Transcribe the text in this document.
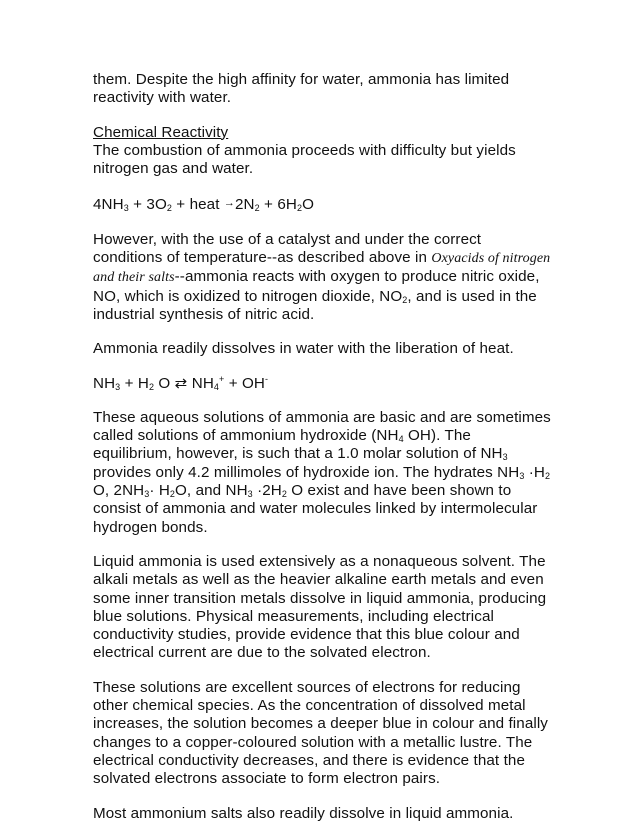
them. Despite the high affinity for water, ammonia has limited reactivity with water.

Chemical Reactivity
The combustion of ammonia proceeds with difficulty but yields nitrogen gas and water.

$4NH_3 + 3O_2$ + heat $\to 2N_2 + 6H_2O$

However, with the use of a catalyst and under the correct conditions of temperature--as described above in Oxyacids of nitrogen and their salts--ammonia reacts with oxygen to produce nitric oxide, NO, which is oxidized to nitrogen dioxide, $NO_2$, and is used in the industrial synthesis of nitric acid.

Ammonia readily dissolves in water with the liberation of heat.

$NH_3 + H_2$ O ⇄ $NH_4^+ + OH^-$

These aqueous solutions of ammonia are basic and are sometimes called solutions of ammonium hydroxide ($NH_4$ OH). The equilibrium, however, is such that a 1.0 molar solution of $NH_3$ provides only 4.2 millimoles of hydroxide ion. The hydrates $NH_3 \cdot H_2$ O, $2NH_3\cdot H_2O$, and $NH_3 \cdot 2H_2$ O exist and have been shown to consist of ammonia and water molecules linked by intermolecular hydrogen bonds.

Liquid ammonia is used extensively as a nonaqueous solvent. The alkali metals as well as the heavier alkaline earth metals and even some inner transition metals dissolve in liquid ammonia, producing blue solutions. Physical measurements, including electrical conductivity studies, provide evidence that this blue colour and electrical current are due to the solvated electron.

These solutions are excellent sources of electrons for reducing other chemical species. As the concentration of dissolved metal increases, the solution becomes a deeper blue in colour and finally changes to a copper-coloured solution with a metallic lustre. The electrical conductivity decreases, and there is evidence that the solvated electrons associate to form electron pairs.

Most ammonium salts also readily dissolve in liquid ammonia.
